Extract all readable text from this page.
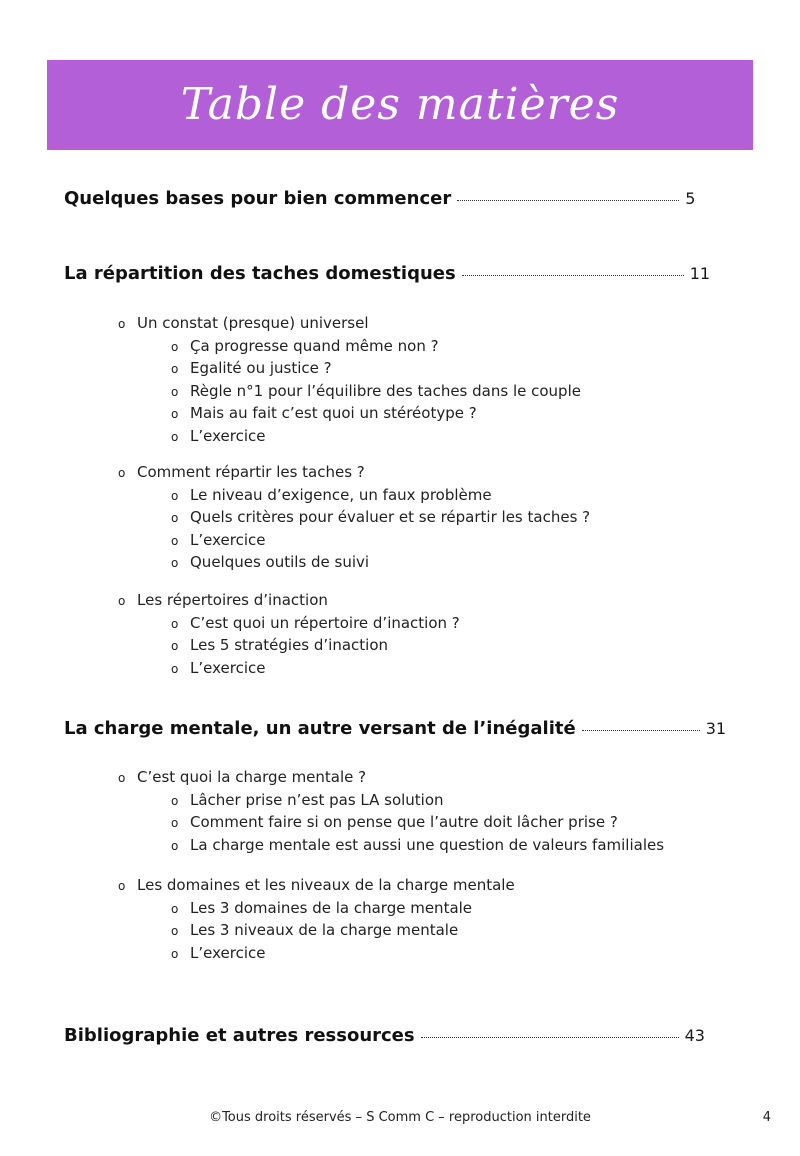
Table des matières
Quelques bases pour bien commencer	5
La répartition des taches domestiques	11
o Un constat (presque) universel
o Ça progresse quand même non ?
o Egalité ou justice ?
o Règle n°1 pour l’équilibre des taches dans le couple
o Mais au fait c’est quoi un stéréotype ?
o L’exercice
o Comment répartir les taches ?
o Le niveau d’exigence, un faux problème
o Quels critères pour évaluer et se répartir les taches ?
o L’exercice
o Quelques outils de suivi
o Les répertoires d’inaction
o C’est quoi un répertoire d’inaction ?
o Les 5 stratégies d’inaction
o L’exercice
La charge mentale, un autre versant de l’inégalité	31
o C’est quoi la charge mentale ?
o Lâcher prise n’est pas LA solution
o Comment faire si on pense que l’autre doit lâcher prise ?
o La charge mentale est aussi une question de valeurs familiales
o Les domaines et les niveaux de la charge mentale
o Les 3 domaines de la charge mentale
o Les 3 niveaux de la charge mentale
o L’exercice
Bibliographie et autres ressources	43
©Tous droits réservés – S Comm C – reproduction interdite	4
